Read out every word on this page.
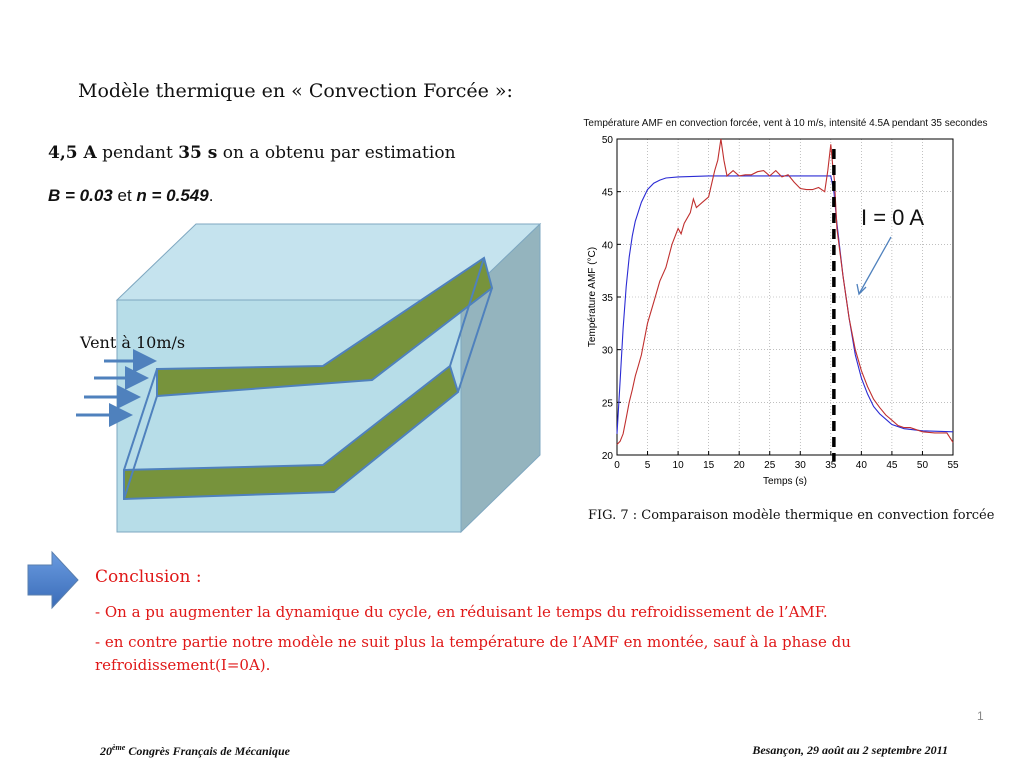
Modèle thermique en « Convection Forcée »:
4,5 A pendant 35 s on a obtenu par estimation
B = 0.03 et n = 0.549.
Vent à 10m/s
Température AMF en convection forcée, vent à 10 m/s, intensité 4.5A pendant 35 secondes
0 5 10 15 20 25 30 35 40 45 50 55
20
25
30
35
40
45
50
Temps (s)
Température AMF (°C)
I = 0 A
FIG. 7 : Comparaison modèle thermique en convection forcée
Conclusion :
- On a pu augmenter la dynamique du cycle, en réduisant le temps du refroidissement de l’AMF.
- en contre partie notre modèle ne suit plus la température de l’AMF en montée, sauf à la phase du refroidissement(I=0A).
1
20ème Congrès Français de Mécanique	Besançon, 29 août au 2 septembre 2011
